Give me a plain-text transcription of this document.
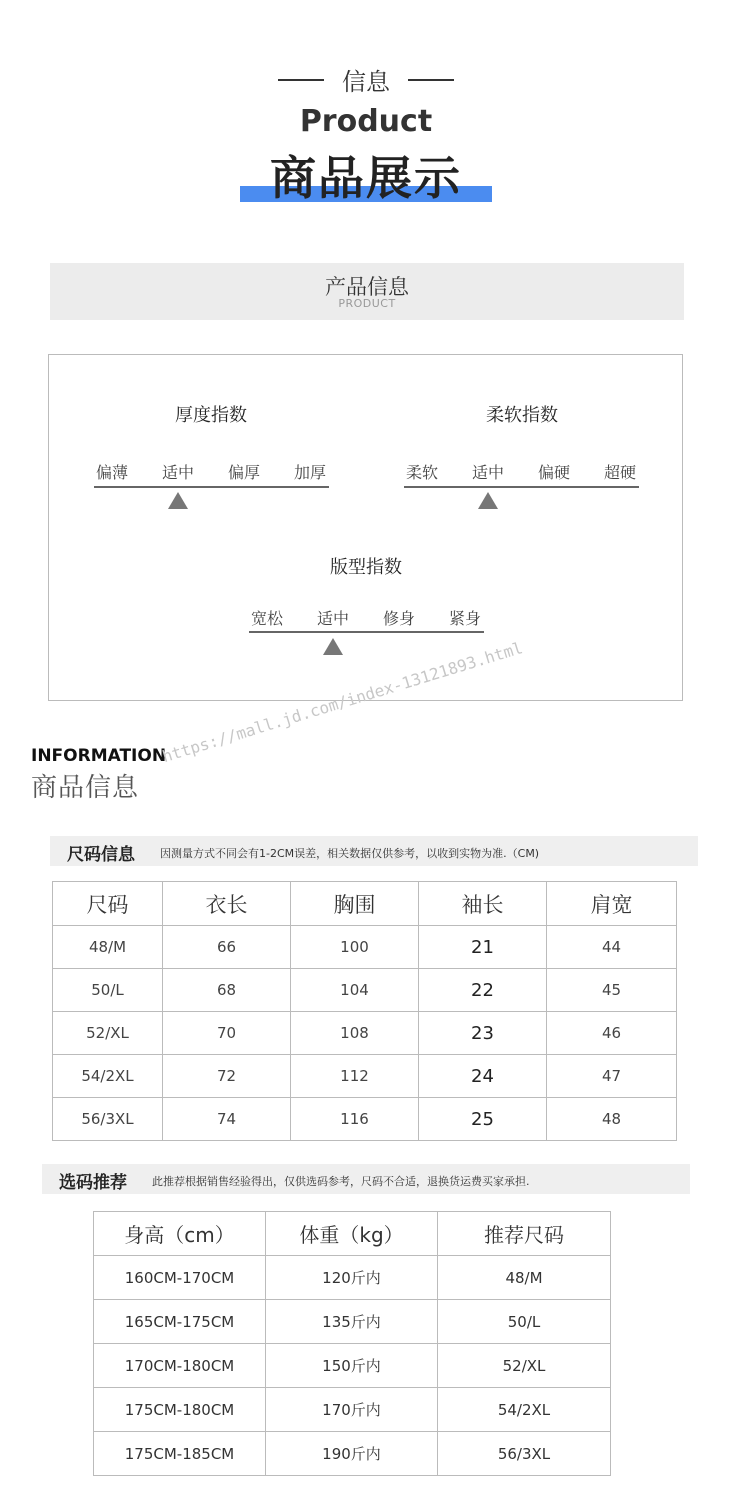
信息
Product
商品展示
产品信息
PRODUCT
厚度指数
偏薄	适中	偏厚	加厚
柔软指数
柔软	适中	偏硬	超硬
版型指数
宽松	适中	修身	紧身
INFORMATION
商品信息
https://mall.jd.com/index-13121893.html
尺码信息 因测量方式不同会有1-2CM误差，相关数据仅供参考，以收到实物为准.（CM)
尺码	衣长	胸围	袖长	肩宽
48/M	66	100	21	44
50/L	68	104	22	45
52/XL	70	108	23	46
54/2XL	72	112	24	47
56/3XL	74	116	25	48
选码推荐 此推荐根据销售经验得出，仅供选码参考，尺码不合适，退换货运费买家承担.
身高（cm）	体重（kg）	推荐尺码
160CM-170CM	120斤内	48/M
165CM-175CM	135斤内	50/L
170CM-180CM	150斤内	52/XL
175CM-180CM	170斤内	54/2XL
175CM-185CM	190斤内	56/3XL
